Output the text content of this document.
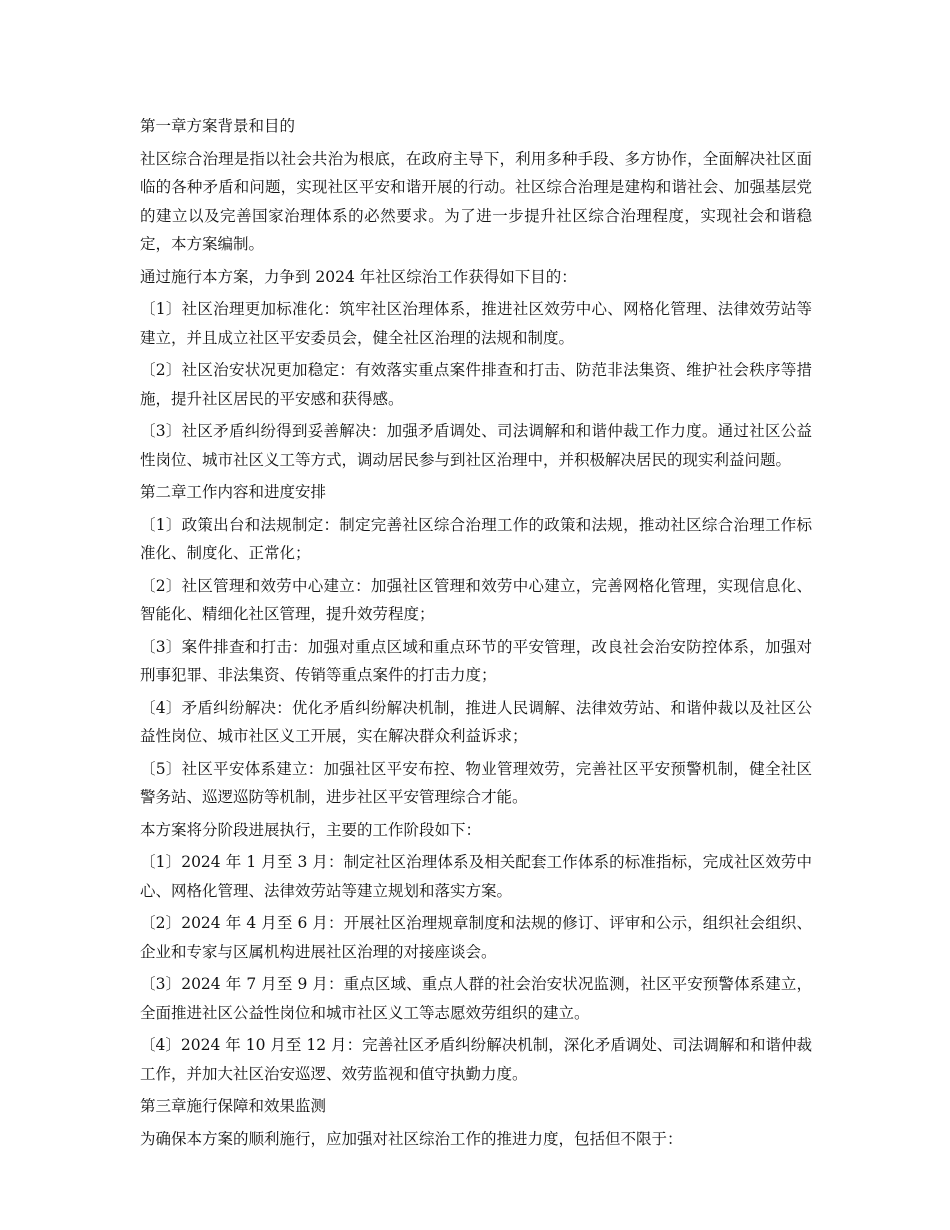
第一章方案背景和目的

社区综合治理是指以社会共治为根底，在政府主导下，利用多种手段、多方协作，全面解决社区面临的各种矛盾和问题，实现社区平安和谐开展的行动。社区综合治理是建构和谐社会、加强基层党的建立以及完善国家治理体系的必然要求。为了进一步提升社区综合治理程度，实现社会和谐稳定，本方案编制。

通过施行本方案，力争到 2024 年社区综治工作获得如下目的：

〔1〕社区治理更加标准化：筑牢社区治理体系，推进社区效劳中心、网格化管理、法律效劳站等建立，并且成立社区平安委员会，健全社区治理的法规和制度。

〔2〕社区治安状况更加稳定：有效落实重点案件排查和打击、防范非法集资、维护社会秩序等措施，提升社区居民的平安感和获得感。

〔3〕社区矛盾纠纷得到妥善解决：加强矛盾调处、司法调解和和谐仲裁工作力度。通过社区公益性岗位、城市社区义工等方式，调动居民参与到社区治理中，并积极解决居民的现实利益问题。

第二章工作内容和进度安排

〔1〕政策出台和法规制定：制定完善社区综合治理工作的政策和法规，推动社区综合治理工作标准化、制度化、正常化；

〔2〕社区管理和效劳中心建立：加强社区管理和效劳中心建立，完善网格化管理，实现信息化、智能化、精细化社区管理，提升效劳程度；

〔3〕案件排查和打击：加强对重点区域和重点环节的平安管理，改良社会治安防控体系，加强对刑事犯罪、非法集资、传销等重点案件的打击力度；

〔4〕矛盾纠纷解决：优化矛盾纠纷解决机制，推进人民调解、法律效劳站、和谐仲裁以及社区公益性岗位、城市社区义工开展，实在解决群众利益诉求；

〔5〕社区平安体系建立：加强社区平安布控、物业管理效劳，完善社区平安预警机制，健全社区警务站、巡逻巡防等机制，进步社区平安管理综合才能。

本方案将分阶段进展执行，主要的工作阶段如下：

〔1〕2024 年 1 月至 3 月：制定社区治理体系及相关配套工作体系的标准指标，完成社区效劳中心、网格化管理、法律效劳站等建立规划和落实方案。

〔2〕2024 年 4 月至 6 月：开展社区治理规章制度和法规的修订、评审和公示，组织社会组织、企业和专家与区属机构进展社区治理的对接座谈会。

〔3〕2024 年 7 月至 9 月：重点区域、重点人群的社会治安状况监测，社区平安预警体系建立，全面推进社区公益性岗位和城市社区义工等志愿效劳组织的建立。

〔4〕2024 年 10 月至 12 月：完善社区矛盾纠纷解决机制，深化矛盾调处、司法调解和和谐仲裁工作，并加大社区治安巡逻、效劳监视和值守执勤力度。

第三章施行保障和效果监测

为确保本方案的顺利施行，应加强对社区综治工作的推进力度，包括但不限于：
